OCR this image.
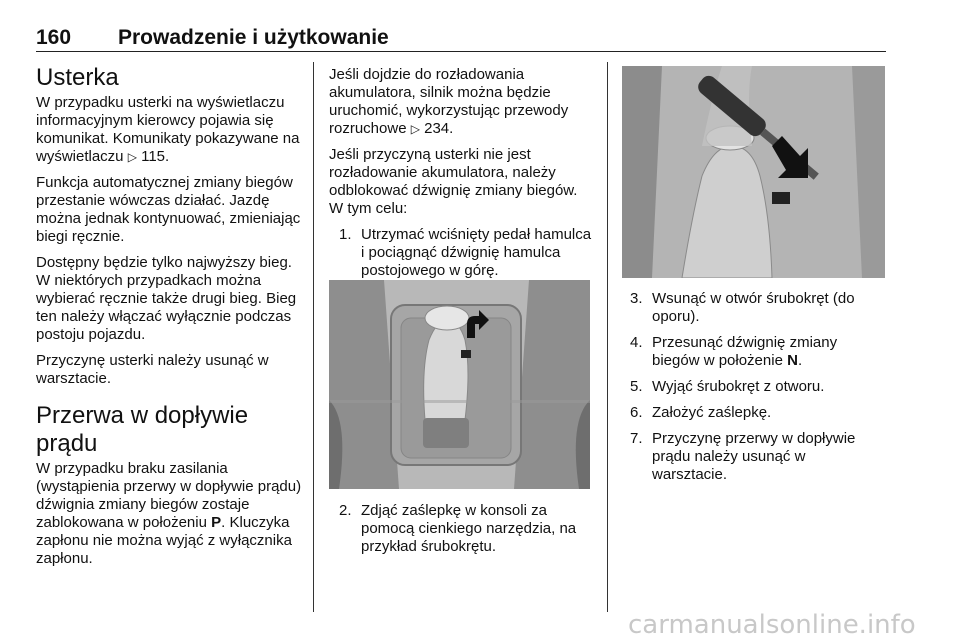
160 Prowadzenie i użytkowanie
Usterka

W przypadku usterki na wyświetlaczu informacyjnym kierowcy pojawia się komunikat. Komunikaty pokazywane na wyświetlaczu ▷ 115.

Funkcja automatycznej zmiany biegów przestanie wówczas działać. Jazdę można jednak kontynuować, zmieniając biegi ręcznie.

Dostępny będzie tylko najwyższy bieg. W niektórych przypadkach można wybierać ręcznie także drugi bieg. Bieg ten należy włączać wyłącznie podczas postoju pojazdu.

Przyczynę usterki należy usunąć w warsztacie.

Przerwa w dopływie prądu

W przypadku braku zasilania (wystąpienia przerwy w dopływie prądu) dźwignia zmiany biegów zostaje zablokowana w położeniu P. Kluczyka zapłonu nie można wyjąć z wyłącznika zapłonu.

Jeśli dojdzie do rozładowania akumulatora, silnik można będzie uruchomić, wykorzystując przewody rozruchowe ▷ 234.

Jeśli przyczyną usterki nie jest rozładowanie akumulatora, należy odblokować dźwignię zmiany biegów. W tym celu:

1. Utrzymać wciśnięty pedał hamulca i pociągnąć dźwignię hamulca postojowego w górę.
2. Zdjąć zaślepkę w konsoli za pomocą cienkiego narzędzia, na przykład śrubokrętu.
3. Wsunąć w otwór śrubokręt (do oporu).
4. Przesunąć dźwignię zmiany biegów w położenie N.
5. Wyjąć śrubokręt z otworu.
6. Założyć zaślepkę.
7. Przyczynę przerwy w dopływie prądu należy usunąć w warsztacie.
carmanualsonline.info
